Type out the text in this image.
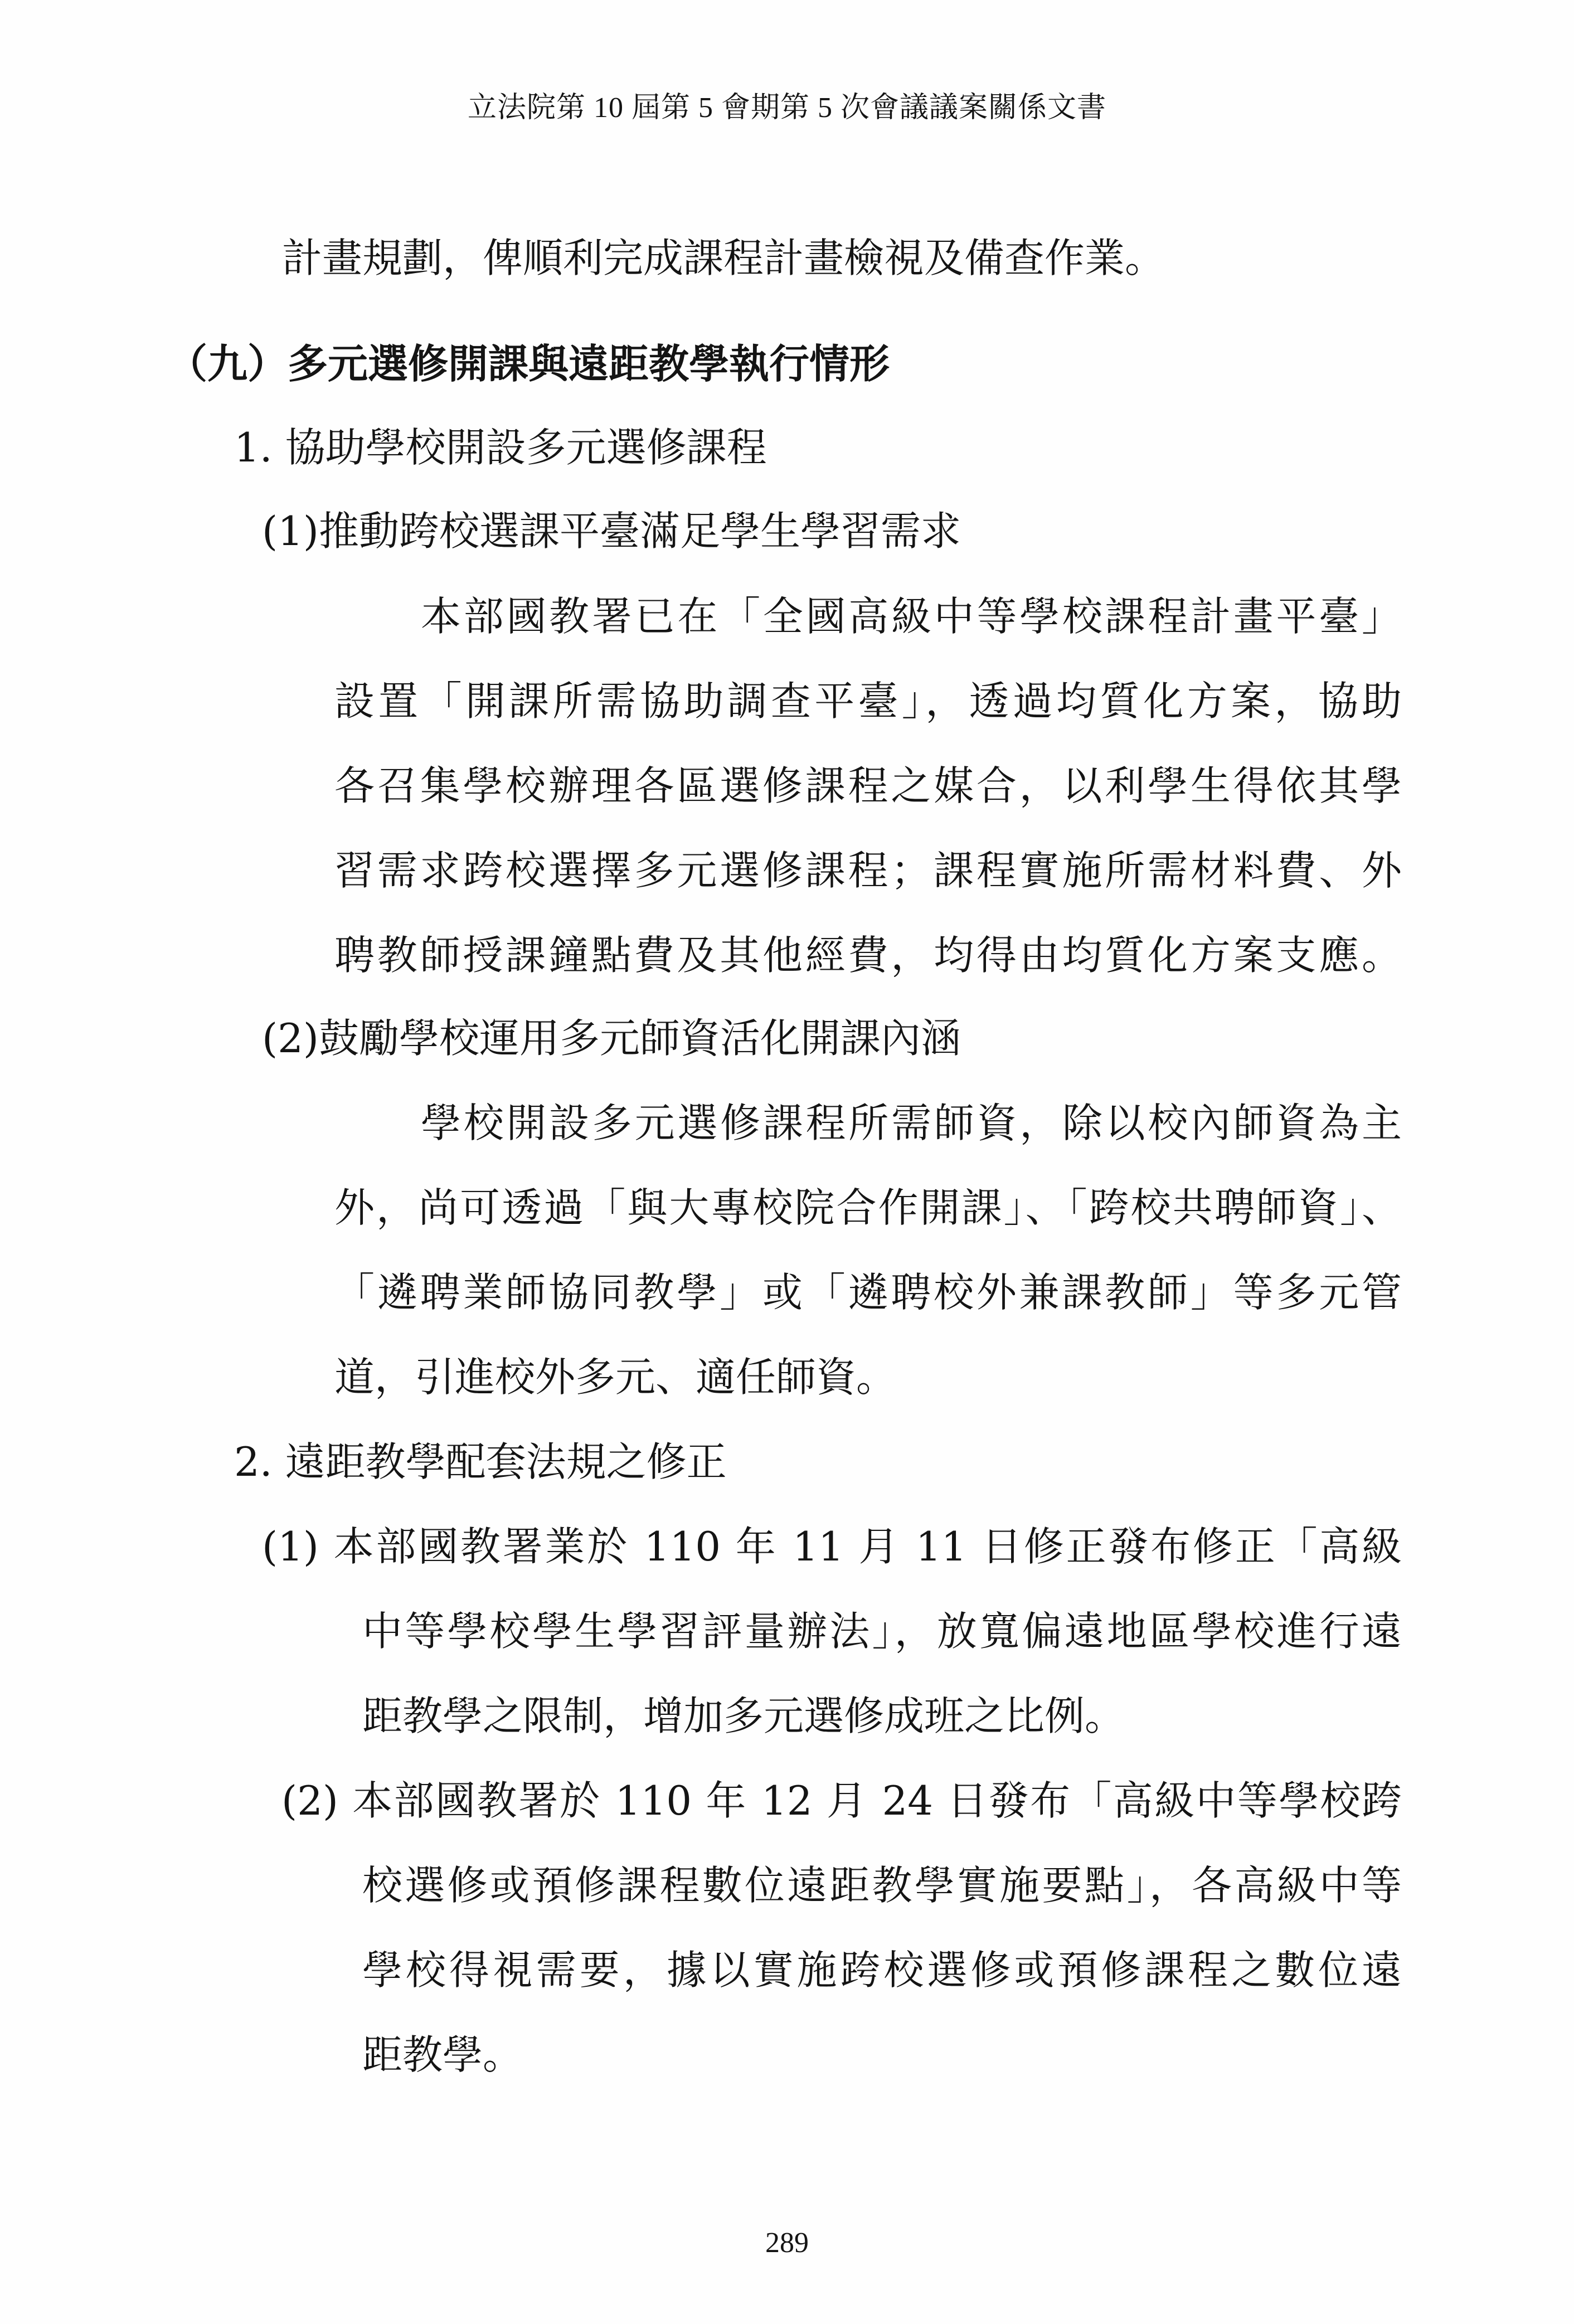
立法院第 10 屆第 5 會期第 5 次會議議案關係文書
計畫規劃，俾順利完成課程計畫檢視及備查作業。
（九）多元選修開課與遠距教學執行情形
1. 協助學校開設多元選修課程
(1)推動跨校選課平臺滿足學生學習需求
本部國教署已在「全國高級中等學校課程計畫平臺」
設置「開課所需協助調查平臺」，透過均質化方案，協助
各召集學校辦理各區選修課程之媒合，以利學生得依其學
習需求跨校選擇多元選修課程；課程實施所需材料費、外
聘教師授課鐘點費及其他經費，均得由均質化方案支應。
(2)鼓勵學校運用多元師資活化開課內涵
學校開設多元選修課程所需師資，除以校內師資為主
外，尚可透過「與大專校院合作開課」、「跨校共聘師資」、
「遴聘業師協同教學」或「遴聘校外兼課教師」等多元管
道，引進校外多元、適任師資。
2. 遠距教學配套法規之修正
(1) 本部國教署業於 110 年 11 月 11 日修正發布修正「高級
中等學校學生學習評量辦法」，放寬偏遠地區學校進行遠
距教學之限制，增加多元選修成班之比例。
(2) 本部國教署於 110 年 12 月 24 日發布「高級中等學校跨
校選修或預修課程數位遠距教學實施要點」，各高級中等
學校得視需要，據以實施跨校選修或預修課程之數位遠
距教學。
289
